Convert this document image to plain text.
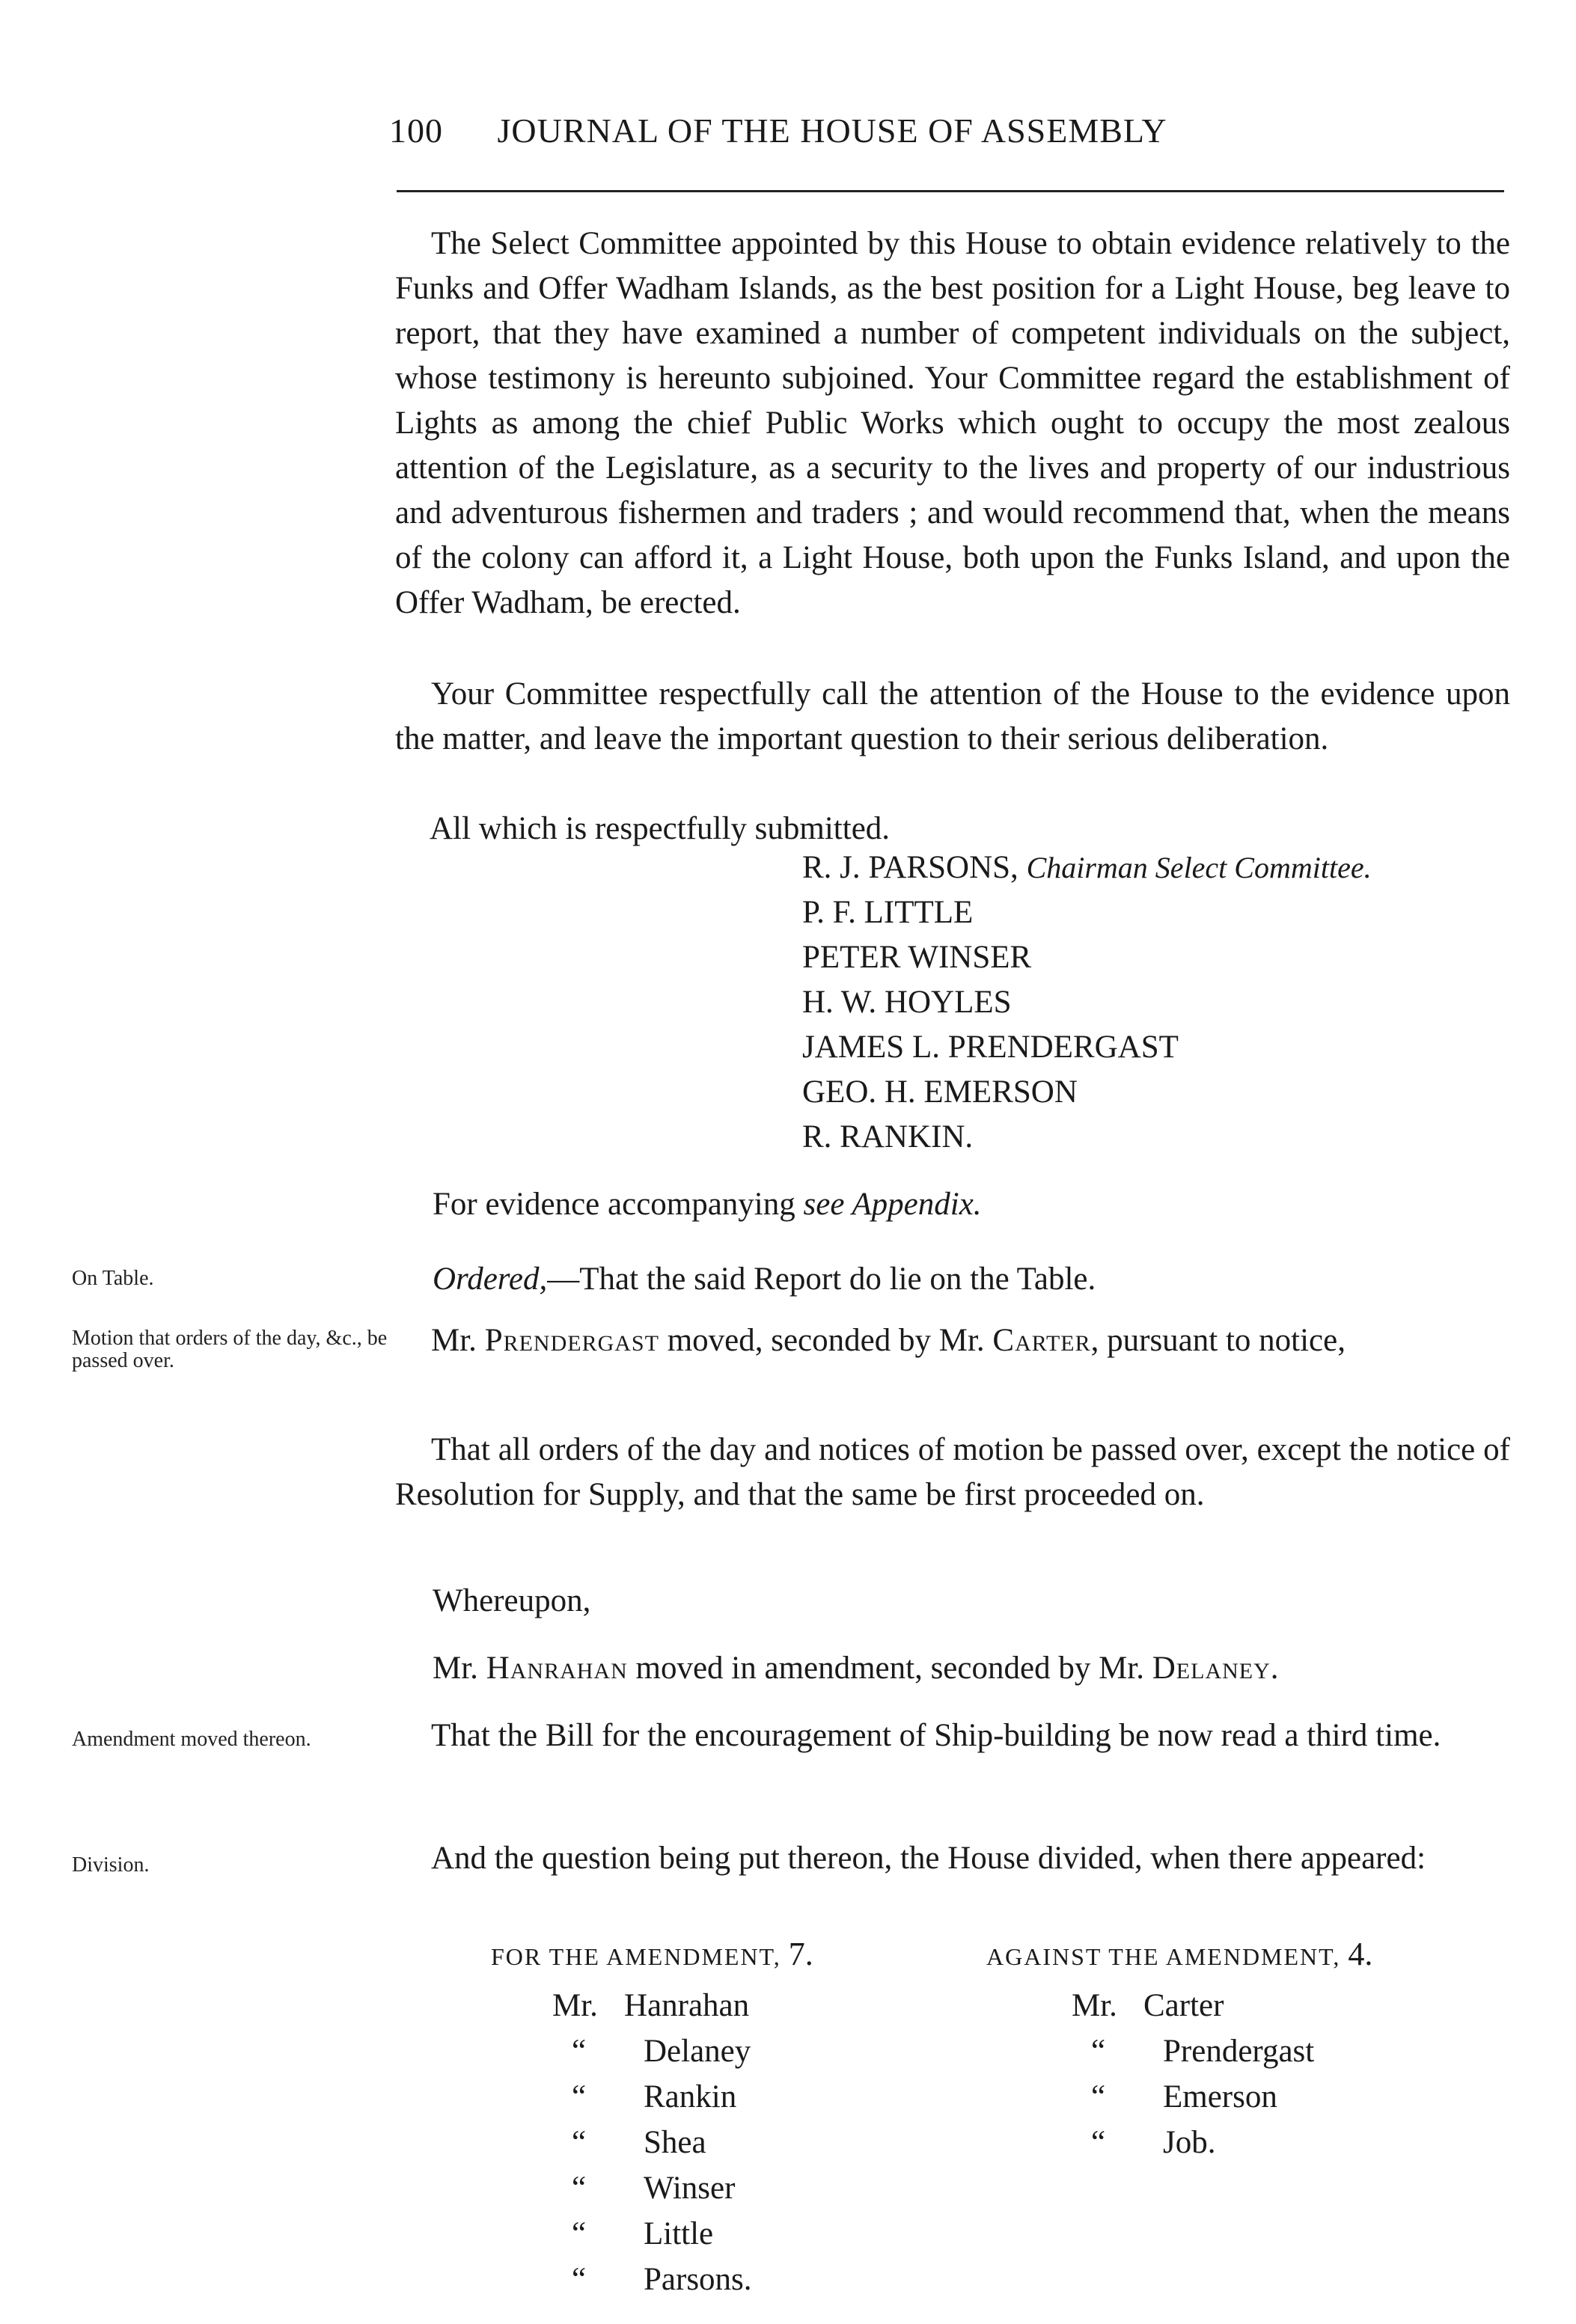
100 JOURNAL OF THE HOUSE OF ASSEMBLY

The Select Committee appointed by this House to obtain evidence relatively to the Funks and Offer Wadham Islands, as the best position for a Light House, beg leave to report, that they have examined a number of competent individuals on the subject, whose testimony is hereunto subjoined. Your Committee regard the establishment of Lights as among the chief Public Works which ought to occupy the most zealous attention of the Legislature, as a security to the lives and property of our industrious and adventurous fishermen and traders ; and would recommend that, when the means of the colony can afford it, a Light House, both upon the Funks Island, and upon the Offer Wadham, be erected.

Your Committee respectfully call the attention of the House to the evidence upon the matter, and leave the important question to their serious deliberation.

All which is respectfully submitted.

R. J. PARSONS, Chairman Select Committee.
P. F. LITTLE
PETER WINSER
H. W. HOYLES
JAMES L. PRENDERGAST
GEO. H. EMERSON
R. RANKIN.

For evidence accompanying see Appendix.

Ordered,—That the said Report do lie on the Table.

Mr. Prendergast moved, seconded by Mr. Carter, pursuant to notice,

That all orders of the day and notices of motion be passed over, except the notice of Resolution for Supply, and that the same be first proceeded on.

Whereupon,

Mr. Hanrahan moved in amendment, seconded by Mr. Delaney.

That the Bill for the encouragement of Ship-building be now read a third time.

And the question being put thereon, the House divided, when there appeared:

On Table.
Motion that orders of the day, &c., be passed over.
Amendment moved thereon.
Division.
FOR THE AMENDMENT, 7.	AGAINST THE AMENDMENT, 4.
Mr. Hanrahan
“ Delaney
“ Rankin
“ Shea
“ Winser
“ Little
“ Parsons.
Mr. Carter
“ Prendergast
“ Emerson
“ Job.
